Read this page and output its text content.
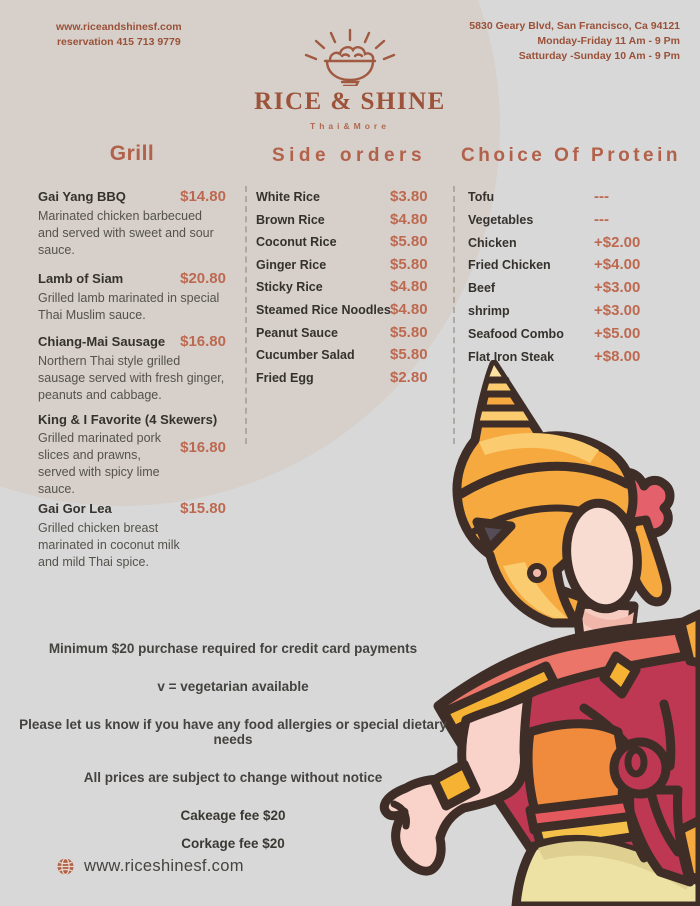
www.riceandshinesf.com
reservation 415 713 9779
5830 Geary Blvd, San Francisco, Ca 94121
Monday-Friday 11 Am - 9 Pm
Satturday -Sunday 10 Am - 9 Pm
RICE & SHINE
Thai&More
Grill
Gai Yang BBQ	$14.80
Marinated chicken barbecued and served with sweet and sour sauce.
Lamb of Siam	$20.80
Grilled lamb marinated in special Thai Muslim sauce.
Chiang-Mai Sausage $16.80
Northern Thai style grilled sausage served with fresh ginger, peanuts and cabbage.
King & I Favorite (4 Skewers)
Grilled marinated pork slices and prawns, served with spicy lime sauce.
$16.80
Gai Gor Lea	$15.80
Grilled chicken breast marinated in coconut milk and mild Thai spice.
Side orders
White Rice	$3.80
Brown Rice	$4.80
Coconut Rice	$5.80
Ginger Rice	$5.80
Sticky Rice	$4.80
Steamed Rice Noodles $4.80
Peanut Sauce	$5.80
Cucumber Salad	$5.80
Fried Egg	$2.80
Choice Of Protein
Tofu	---
Vegetables	---
Chicken	+$2.00
Fried Chicken	+$4.00
Beef	+$3.00
shrimp	+$3.00
Seafood Combo	+$5.00
Flat Iron Steak	+$8.00

Minimum $20 purchase required for credit card payments

v = vegetarian available

Please let us know if you have any food allergies or special dietary needs

All prices are subject to change without notice

Cakeage fee $20

Corkage fee $20

www.riceshinesf.com
